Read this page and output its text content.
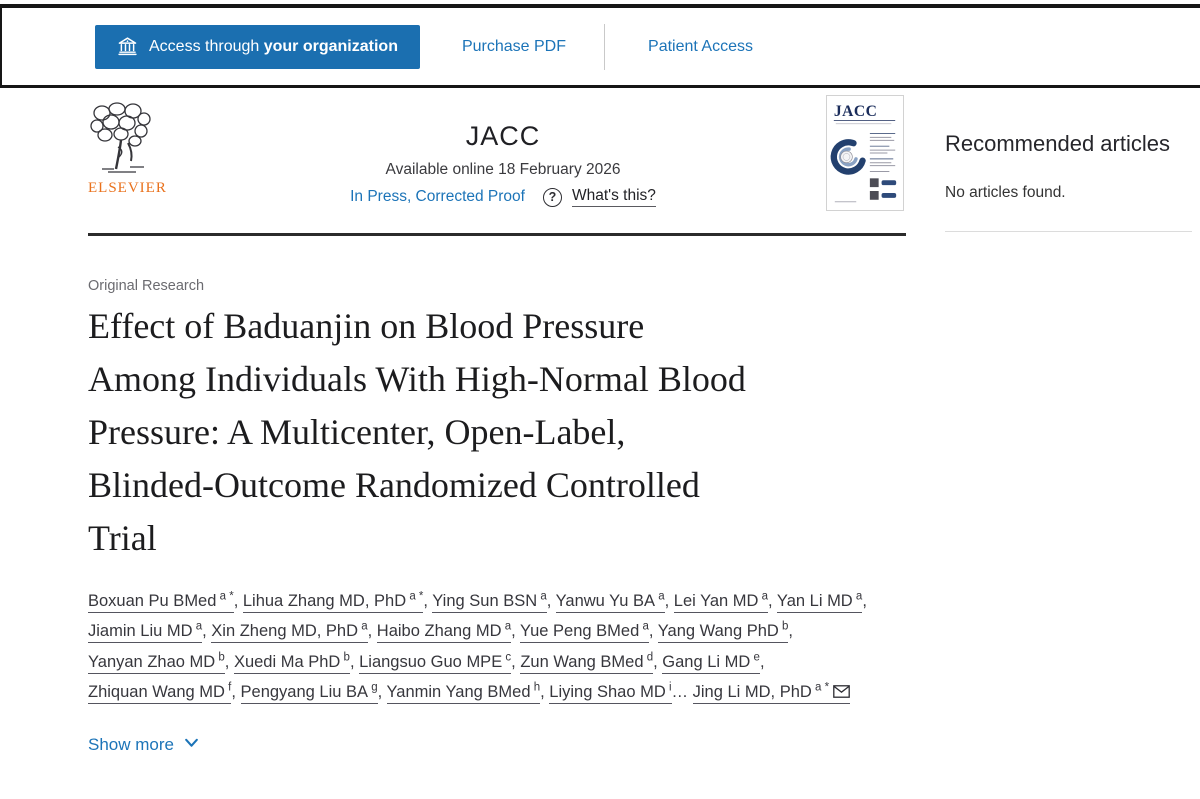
Access through your organization	Purchase PDF	Patient Access
ELSEVIER
JACC
Available online 18 February 2026
In Press, Corrected Proof	?	What's this?
JACC
Original Research
Effect of Baduanjin on Blood Pressure
Among Individuals With High-Normal Blood
Pressure: A Multicenter, Open-Label,
Blinded-Outcome Randomized Controlled
Trial
Boxuan Pu BMed $^{a *}$, Lihua Zhang MD, PhD $^{a *}$, Ying Sun BSN $^a$, Yanwu Yu BA $^a$, Lei Yan MD $^a$, Yan Li MD $^a$, Jiamin Liu MD $^a$, Xin Zheng MD, PhD $^a$, Haibo Zhang MD $^a$, Yue Peng BMed $^a$, Yang Wang PhD $^b$, Yanyan Zhao MD $^b$, Xuedi Ma PhD $^b$, Liangsuo Guo MPE $^c$, Zun Wang BMed $^d$, Gang Li MD $^e$, Zhiquan Wang MD $^f$, Pengyang Liu BA $^g$, Yanmin Yang BMed $^h$, Liying Shao MD $^i$… Jing Li MD, PhD $^{a *}$
Show more
Recommended articles

No articles found.
